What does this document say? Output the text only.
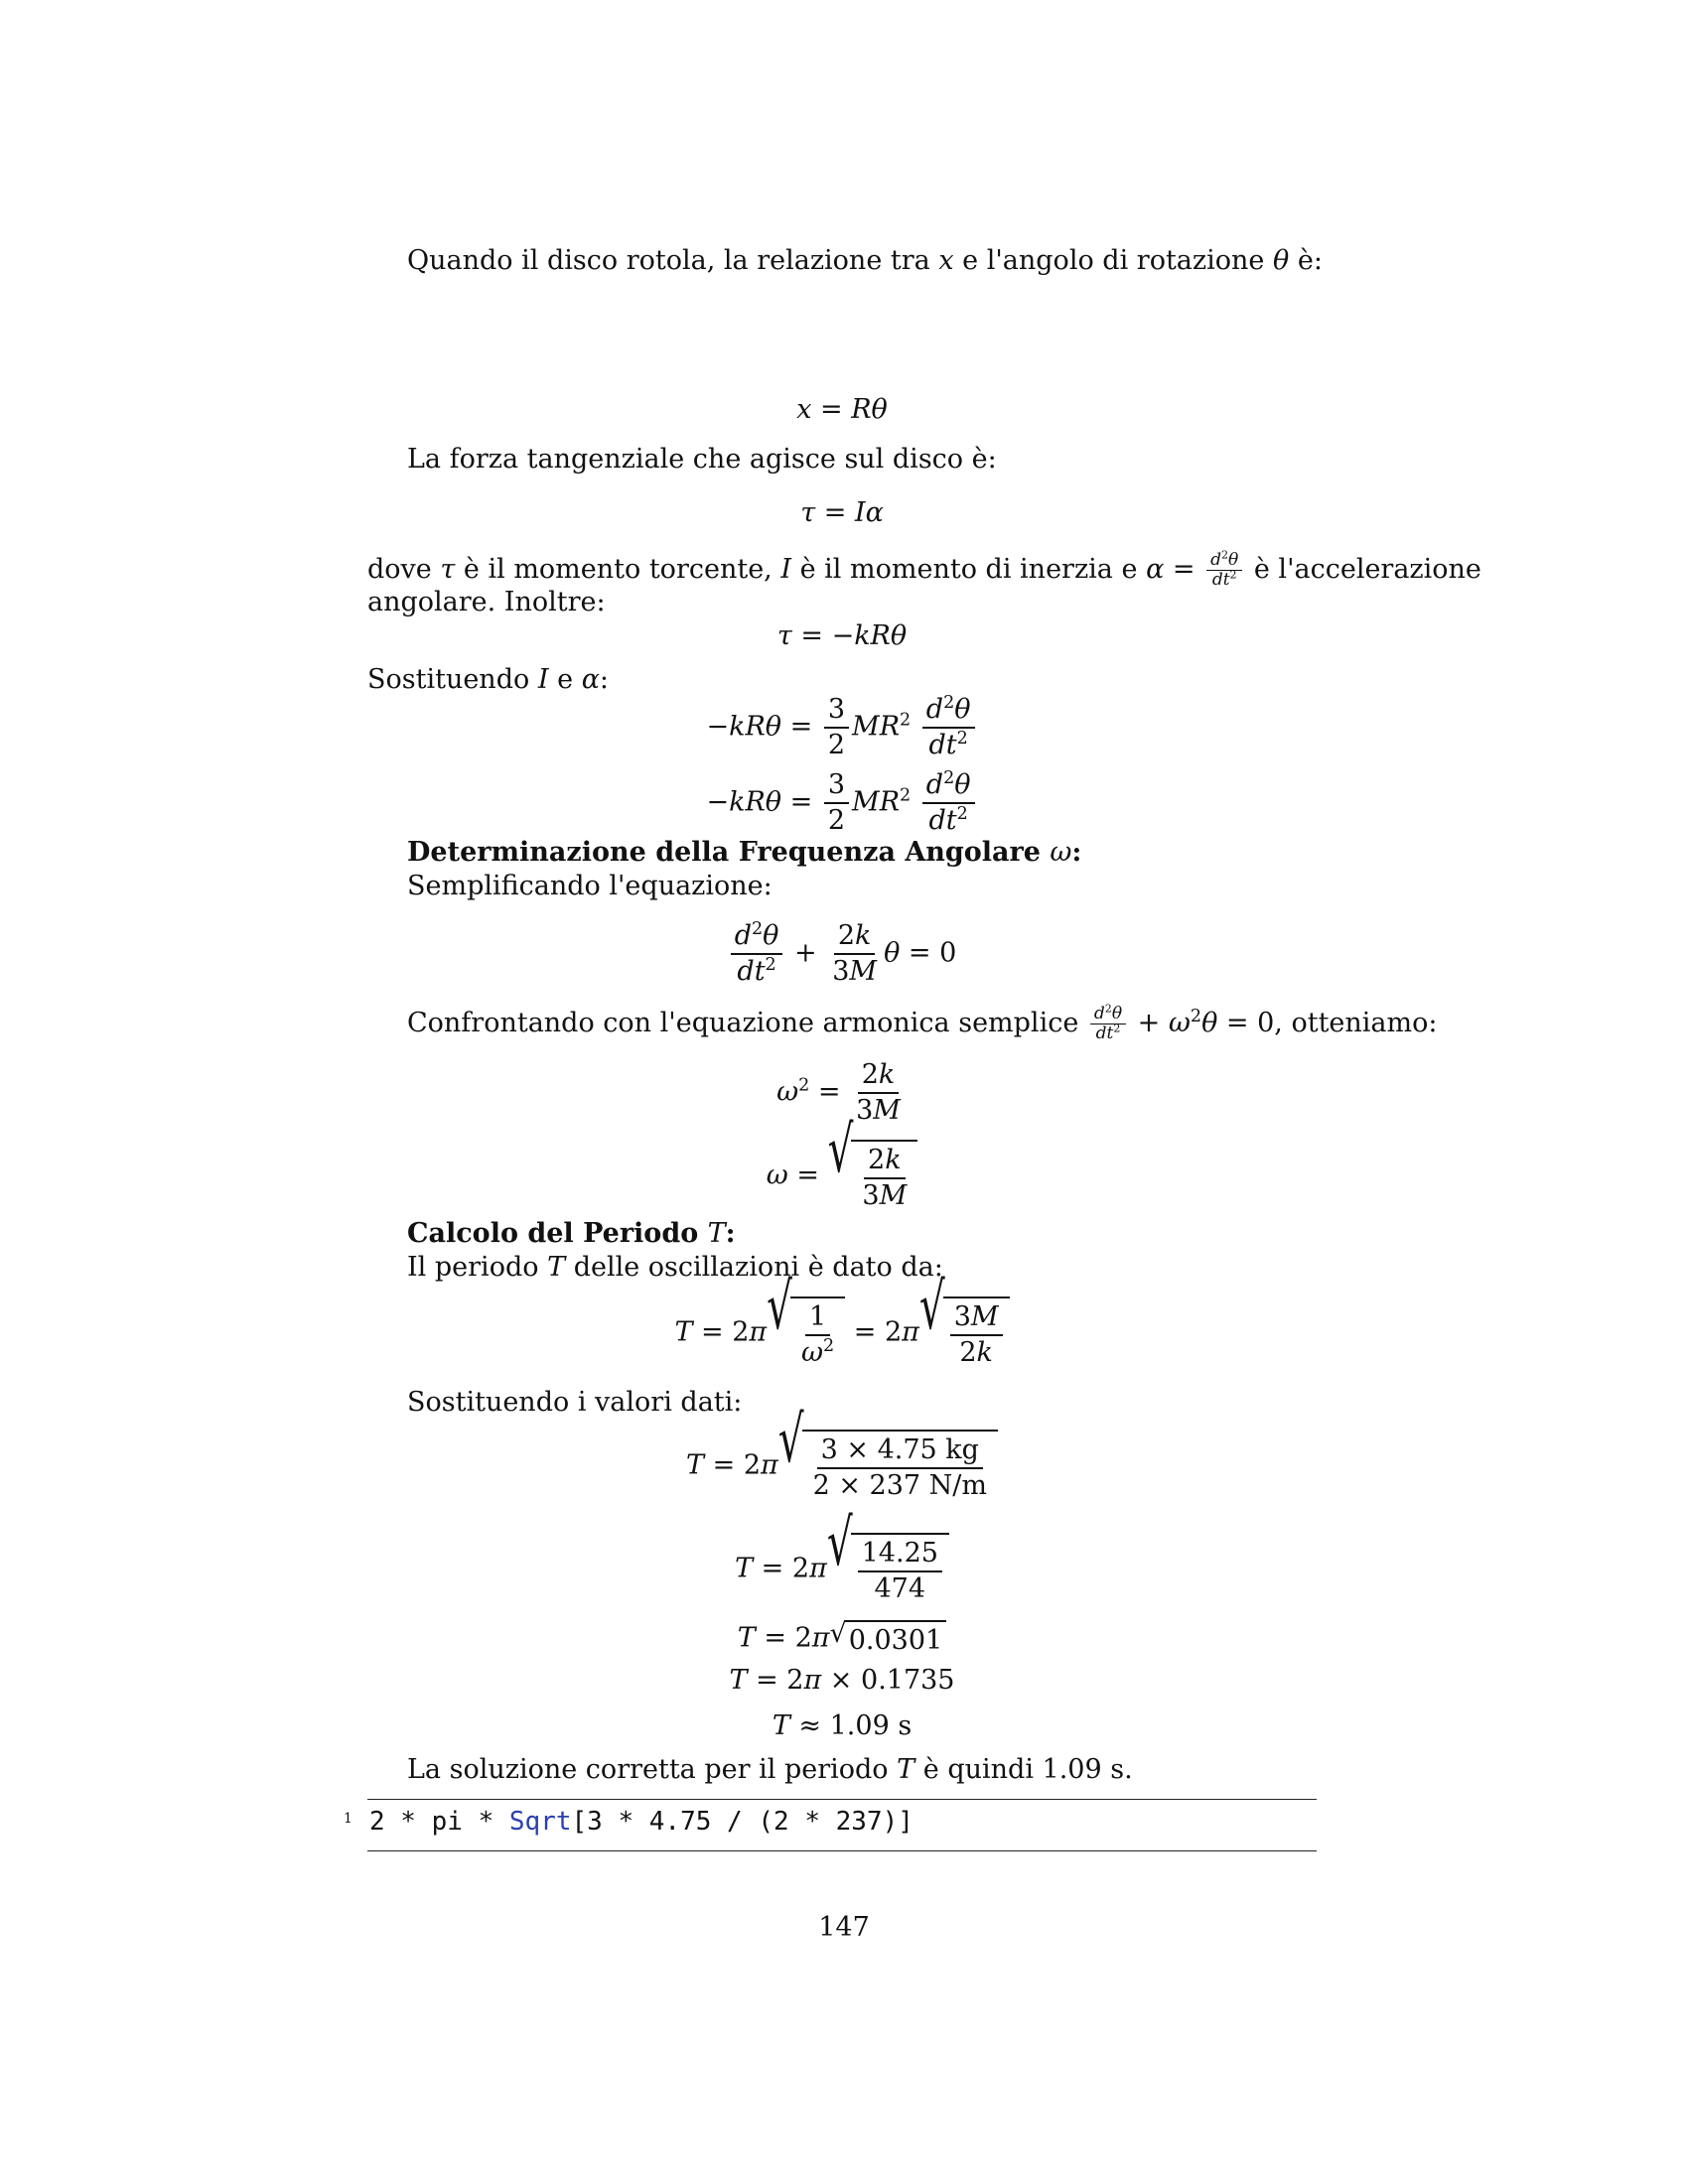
Quando il disco rotola, la relazione tra x e l'angolo di rotazione θ è:
x = Rθ
La forza tangenziale che agisce sul disco è:
τ = Iα
dove τ è il momento torcente, I è il momento di inerzia e $\alpha = \frac{d^2\theta}{dt^2}$ è l'accelerazione
angolare. Inoltre:
τ = −kRθ
Sostituendo I e α:
$-kR\theta = \frac{3}{2} MR^2 \frac{d^2\theta}{dt^2}$
$-kR\theta = \frac{3}{2} MR^2 \frac{d^2\theta}{dt^2}$
Determinazione della Frequenza Angolare ω:
Semplificando l'equazione:
$\frac{d^2\theta}{dt^2} + \frac{2k}{3M}$ θ = 0
Confrontando con l'equazione armonica semplice $\frac{d^2\theta}{dt^2} + \omega^2\theta = 0$, otteniamo:
$\omega^2 = \frac{2k}{3M}$
ω = √ $\frac{2k}{3M}$
Calcolo del Periodo T:
Il periodo T delle oscillazioni è dato da:
T = 2π √ $\frac{1}{\omega^2} = 2\pi$ √ $\frac{3M}{2k}$
Sostituendo i valori dati:
T = 2π √ $\frac{3 \times 4.75 kg}{2 \times 237 N/m}$
T = 2π √ $\frac{14.25}{474}$
T = 2π √ 0.0301
T = 2π × 0.1735
T ≈ 1.09 s
La soluzione corretta per il periodo T è quindi 1.09 s.
1 2 * pi * Sqrt[3 * 4.75 / (2 * 237)]
147
